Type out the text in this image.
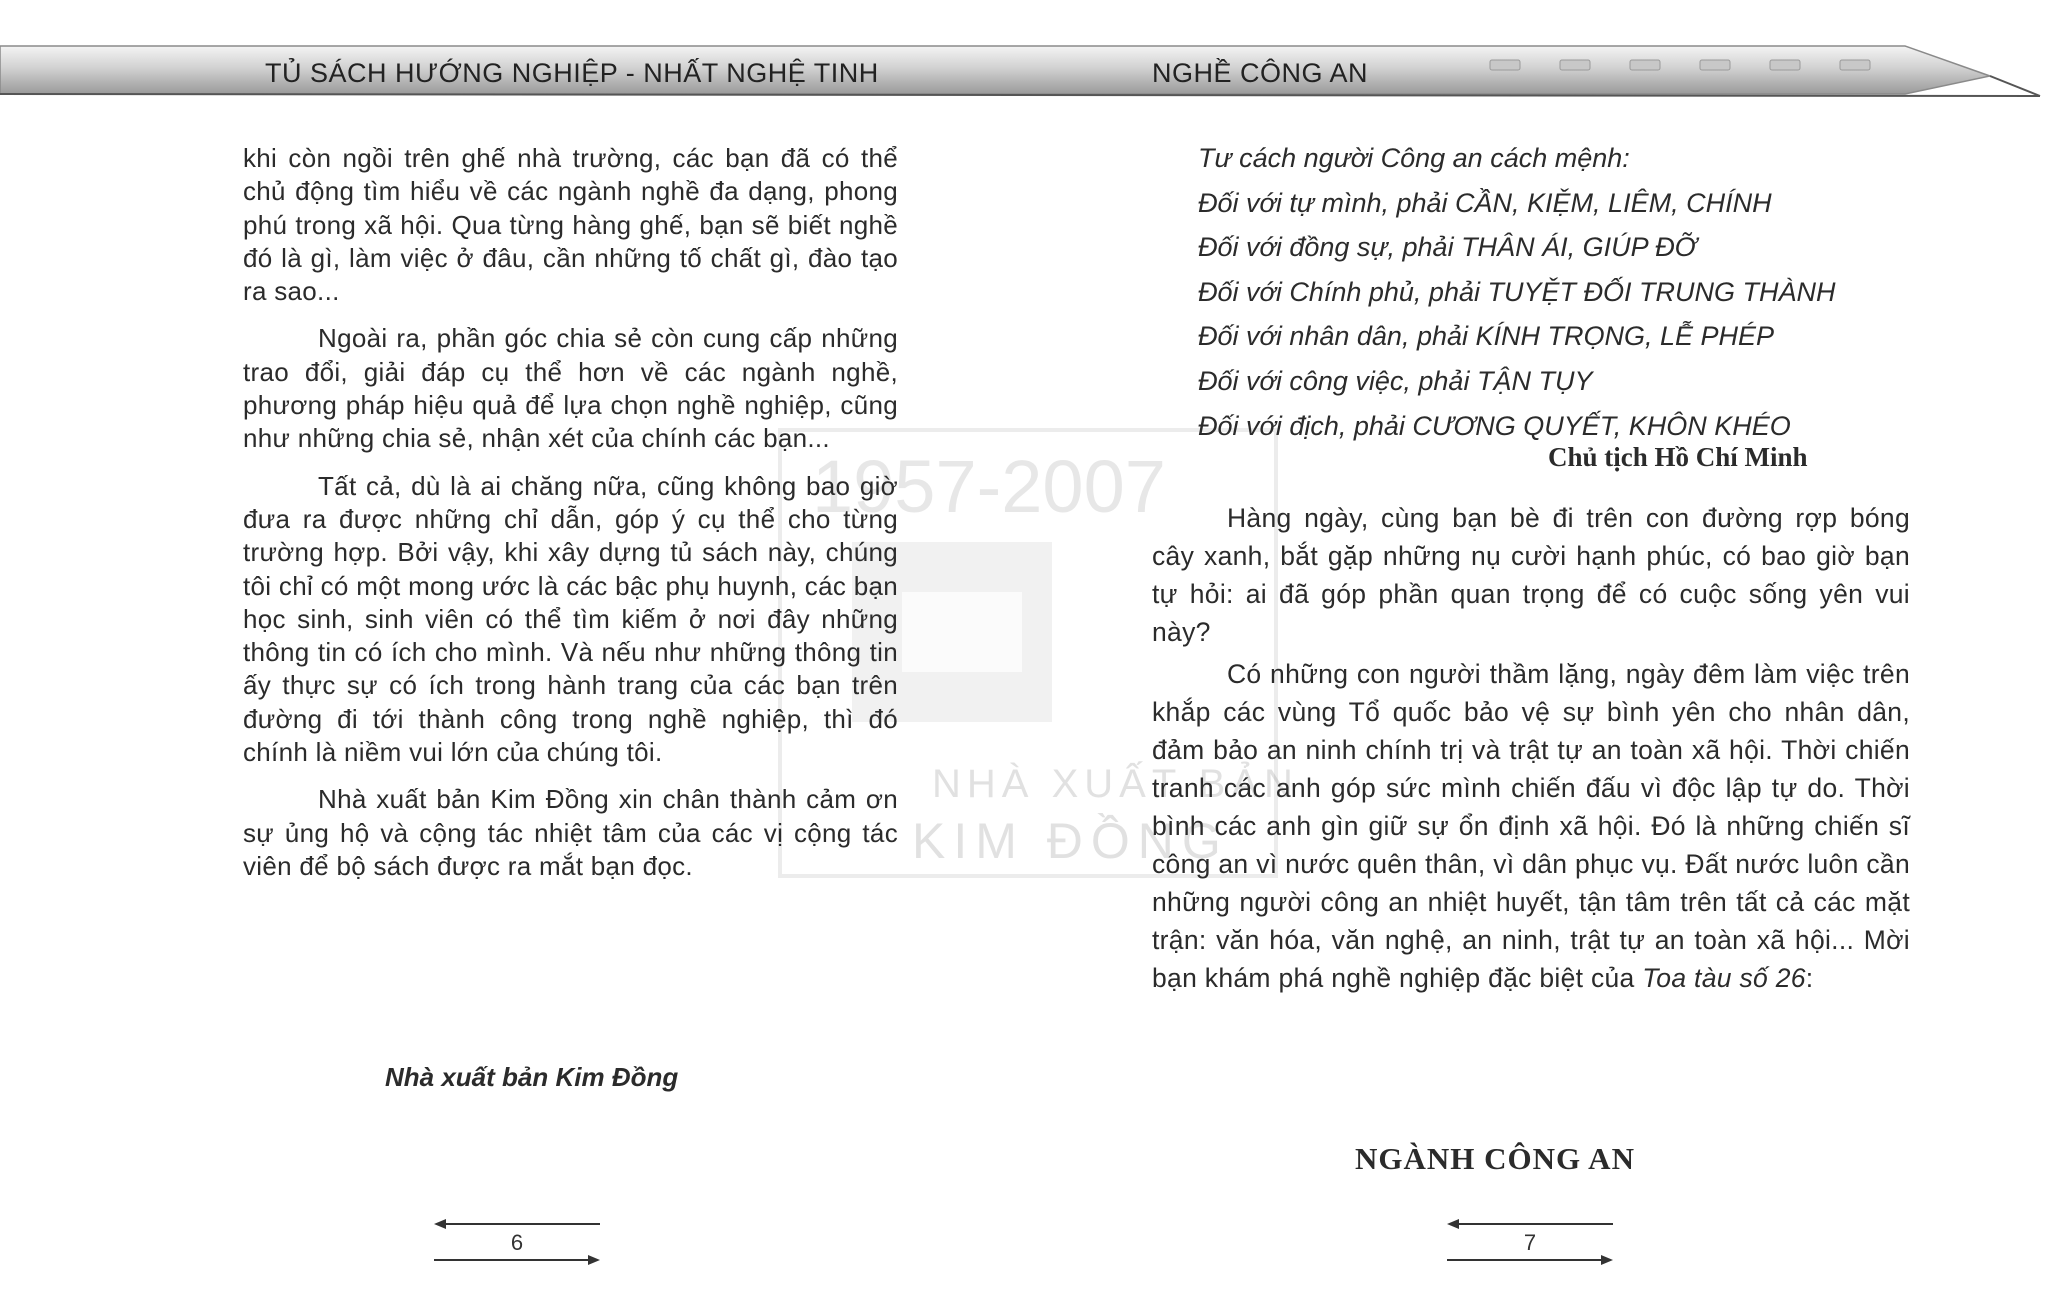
TỦ SÁCH HƯỚNG NGHIỆP - NHẤT NGHỆ TINH	NGHỀ CÔNG AN
1957-2007
NHÀ XUẤT BẢN
KIM ĐỒNG

khi còn ngồi trên ghế nhà trường, các bạn đã có thể chủ động tìm hiểu về các ngành nghề đa dạng, phong phú trong xã hội. Qua từng hàng ghế, bạn sẽ biết nghề đó là gì, làm việc ở đâu, cần những tố chất gì, đào tạo ra sao...

Ngoài ra, phần góc chia sẻ còn cung cấp những trao đổi, giải đáp cụ thể hơn về các ngành nghề, phương pháp hiệu quả để lựa chọn nghề nghiệp, cũng như những chia sẻ, nhận xét của chính các bạn...

Tất cả, dù là ai chăng nữa, cũng không bao giờ đưa ra được những chỉ dẫn, góp ý cụ thể cho từng trường hợp. Bởi vậy, khi xây dựng tủ sách này, chúng tôi chỉ có một mong ước là các bậc phụ huynh, các bạn học sinh, sinh viên có thể tìm kiếm ở nơi đây những thông tin có ích cho mình. Và nếu như những thông tin ấy thực sự có ích trong hành trang của các bạn trên đường đi tới thành công trong nghề nghiệp, thì đó chính là niềm vui lớn của chúng tôi.

Nhà xuất bản Kim Đồng xin chân thành cảm ơn sự ủng hộ và cộng tác nhiệt tâm của các vị cộng tác viên để bộ sách được ra mắt bạn đọc.

Nhà xuất bản Kim Đồng
Tư cách người Công an cách mệnh:
Đối với tự mình, phải CẦN, KIỆM, LIÊM, CHÍNH
Đối với đồng sự, phải THÂN ÁI, GIÚP ĐỠ
Đối với Chính phủ, phải TUYỆT ĐỐI TRUNG THÀNH
Đối với nhân dân, phải KÍNH TRỌNG, LỄ PHÉP
Đối với công việc, phải TẬN TỤY
Đối với địch, phải CƯƠNG QUYẾT, KHÔN KHÉO
Chủ tịch Hồ Chí Minh

Hàng ngày, cùng bạn bè đi trên con đường rợp bóng cây xanh, bắt gặp những nụ cười hạnh phúc, có bao giờ bạn tự hỏi: ai đã góp phần quan trọng để có cuộc sống yên vui này?

Có những con người thầm lặng, ngày đêm làm việc trên khắp các vùng Tổ quốc bảo vệ sự bình yên cho nhân dân, đảm bảo an ninh chính trị và trật tự an toàn xã hội. Thời chiến tranh các anh góp sức mình chiến đấu vì độc lập tự do. Thời bình các anh gìn giữ sự ổn định xã hội. Đó là những chiến sĩ công an vì nước quên thân, vì dân phục vụ. Đất nước luôn cần những người công an nhiệt huyết, tận tâm trên tất cả các mặt trận: văn hóa, văn nghệ, an ninh, trật tự an toàn xã hội... Mời bạn khám phá nghề nghiệp đặc biệt của Toa tàu số 26:

NGÀNH CÔNG AN
6	7
